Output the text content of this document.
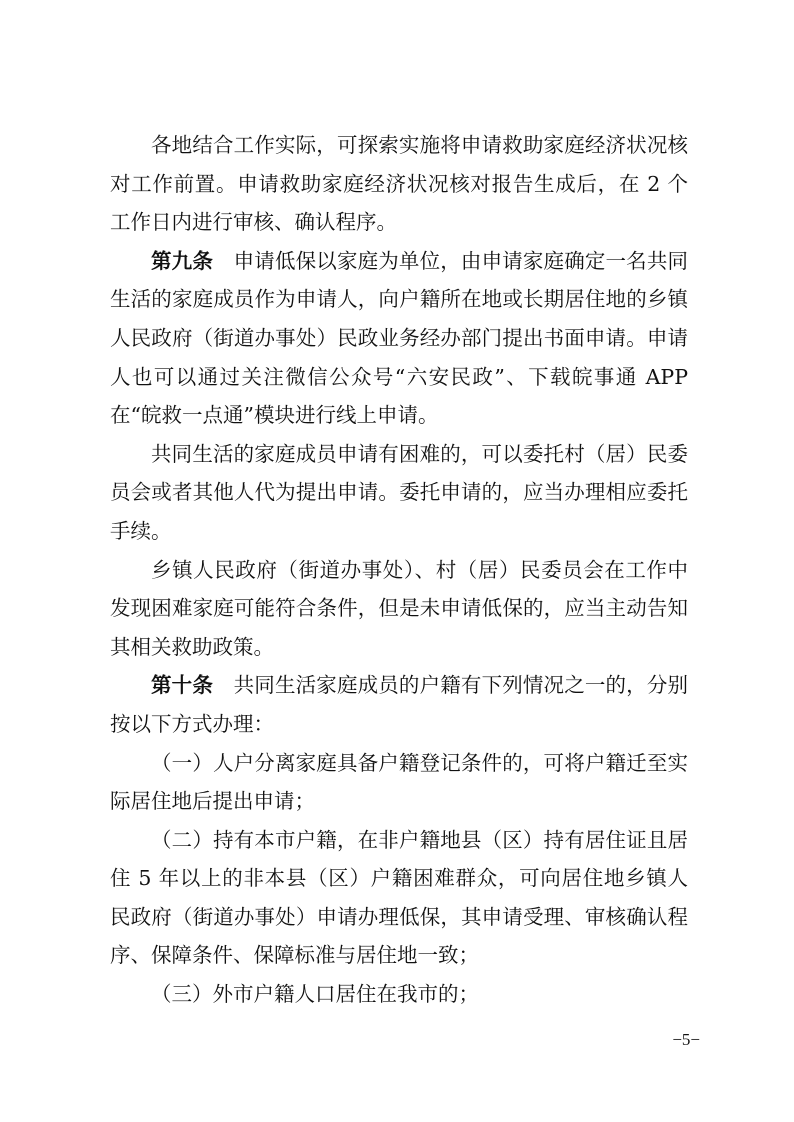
各地结合工作实际，可探索实施将申请救助家庭经济状况核对工作前置。申请救助家庭经济状况核对报告生成后，在 2 个工作日内进行审核、确认程序。

第九条　申请低保以家庭为单位，由申请家庭确定一名共同生活的家庭成员作为申请人，向户籍所在地或长期居住地的乡镇人民政府（街道办事处）民政业务经办部门提出书面申请。申请人也可以通过关注微信公众号“六安民政”、下载皖事通 APP 在“皖救一点通”模块进行线上申请。

共同生活的家庭成员申请有困难的，可以委托村（居）民委员会或者其他人代为提出申请。委托申请的，应当办理相应委托手续。

乡镇人民政府（街道办事处）、村（居）民委员会在工作中发现困难家庭可能符合条件，但是未申请低保的，应当主动告知其相关救助政策。

第十条　共同生活家庭成员的户籍有下列情况之一的，分别按以下方式办理：

（一）人户分离家庭具备户籍登记条件的，可将户籍迁至实际居住地后提出申请；

（二）持有本市户籍，在非户籍地县（区）持有居住证且居住 5 年以上的非本县（区）户籍困难群众，可向居住地乡镇人民政府（街道办事处）申请办理低保，其申请受理、审核确认程序、保障条件、保障标准与居住地一致；

（三）外市户籍人口居住在我市的；

−5−
